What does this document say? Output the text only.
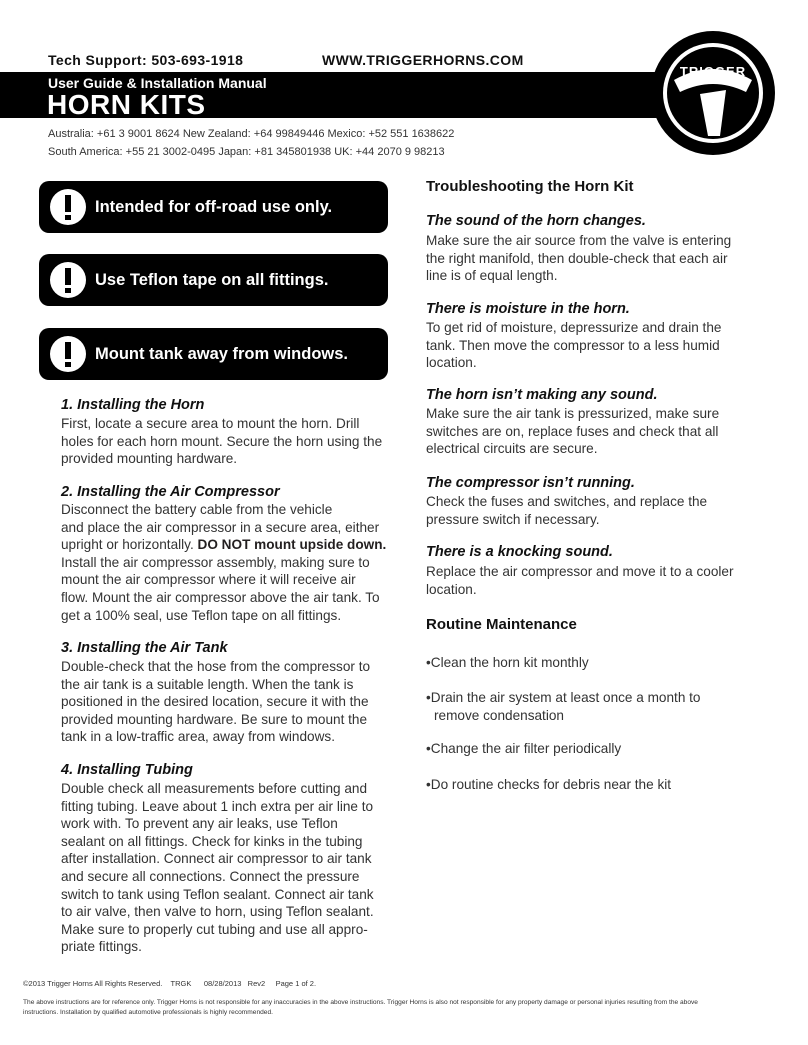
Tech Support: 503-693-1918	WWW.TRIGGERHORNS.COM
User Guide & Installation Manual
HORN KITS
TRIGGER
Australia: +61 3 9001 8624 New Zealand: +64 99849446 Mexico: +52 551 1638622
South America: +55 21 3002-0495 Japan: +81 345801938 UK: +44 2070 9 98213
Intended for off-road use only.
Use Teflon tape on all fittings.
Mount tank away from windows.
1. Installing the Horn
First, locate a secure area to mount the horn. Drill
holes for each horn mount. Secure the horn using the
provided mounting hardware.
2. Installing the Air Compressor
Disconnect the battery cable from the vehicle
and place the air compressor in a secure area, either
upright or horizontally. DO NOT mount upside down.
Install the air compressor assembly, making sure to
mount the air compressor where it will receive air
flow. Mount the air compressor above the air tank. To
get a 100% seal, use Teflon tape on all fittings.
3. Installing the Air Tank
Double-check that the hose from the compressor to
the air tank is a suitable length. When the tank is
positioned in the desired location, secure it with the
provided mounting hardware. Be sure to mount the
tank in a low-traffic area, away from windows.
4. Installing Tubing
Double check all measurements before cutting and
fitting tubing. Leave about 1 inch extra per air line to
work with. To prevent any air leaks, use Teflon
sealant on all fittings. Check for kinks in the tubing
after installation. Connect air compressor to air tank
and secure all connections. Connect the pressure
switch to tank using Teflon sealant. Connect air tank
to air valve, then valve to horn, using Teflon sealant.
Make sure to properly cut tubing and use all appro-
priate fittings.
Troubleshooting the Horn Kit
The sound of the horn changes.
Make sure the air source from the valve is entering
the right manifold, then double-check that each air
line is of equal length.
There is moisture in the horn.
To get rid of moisture, depressurize and drain the
tank. Then move the compressor to a less humid
location.
The horn isn’t making any sound.
Make sure the air tank is pressurized, make sure
switches are on, replace fuses and check that all
electrical circuits are secure.
The compressor isn’t running.
Check the fuses and switches, and replace the
pressure switch if necessary.
There is a knocking sound.
Replace the air compressor and move it to a cooler
location.
Routine Maintenance
•Clean the horn kit monthly
•Drain the air system at least once a month to
remove condensation
•Change the air filter periodically
•Do routine checks for debris near the kit
©2013 Trigger Horns All Rights Reserved.    TRGK      08/28/2013   Rev2     Page 1 of 2.
The above instructions are for reference only. Trigger Horns is not responsible for any inaccuracies in the above instructions. Trigger Horns is also not responsible for any property damage or personal injuries resulting from the above
instructions. Installation by qualified automotive professionals is highly recommended.
